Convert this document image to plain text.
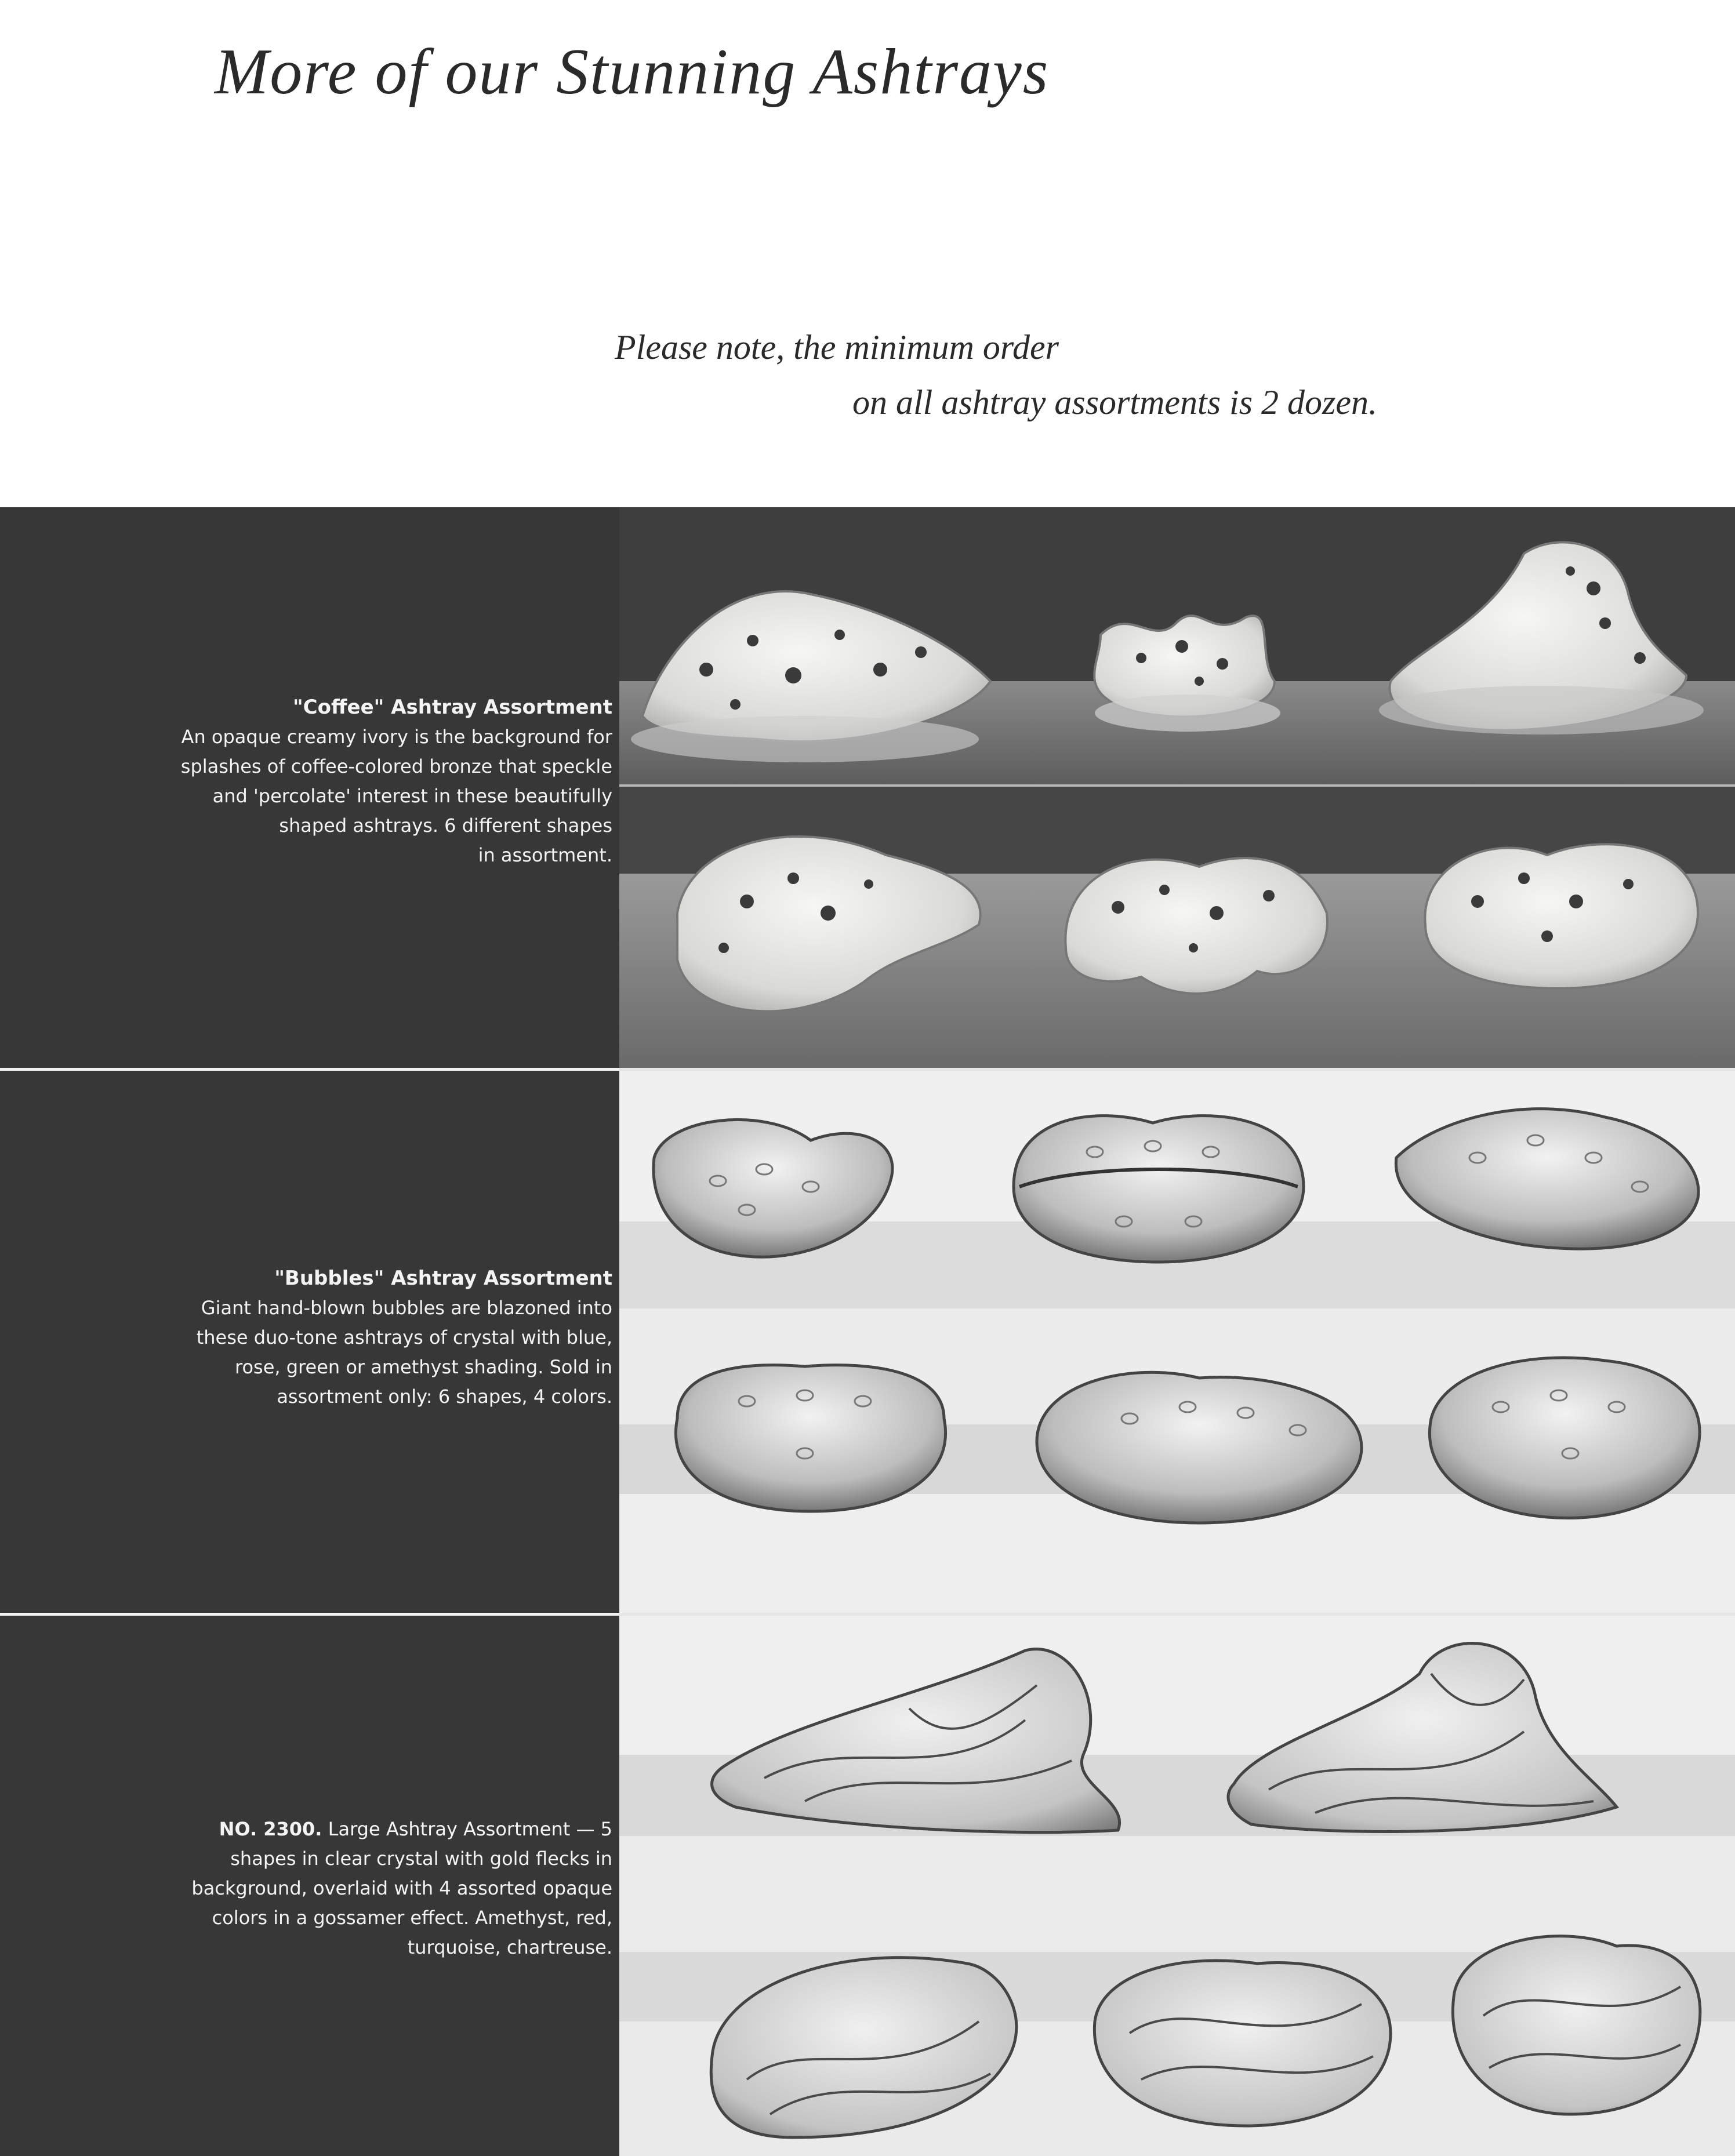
More of our Stunning Ashtrays
Please note, the minimum order
on all ashtray assortments is 2 dozen.
"Coffee" Ashtray Assortment
An opaque creamy ivory is the background for
splashes of coffee-colored bronze that speckle
and 'percolate' interest in these beautifully
shaped ashtrays. 6 different shapes
in assortment.
"Bubbles" Ashtray Assortment
Giant hand-blown bubbles are blazoned into
these duo-tone ashtrays of crystal with blue,
rose, green or amethyst shading. Sold in
assortment only: 6 shapes, 4 colors.
NO. 2300. Large Ashtray Assortment — 5
shapes in clear crystal with gold flecks in
background, overlaid with 4 assorted opaque
colors in a gossamer effect. Amethyst, red,
turquoise, chartreuse.
